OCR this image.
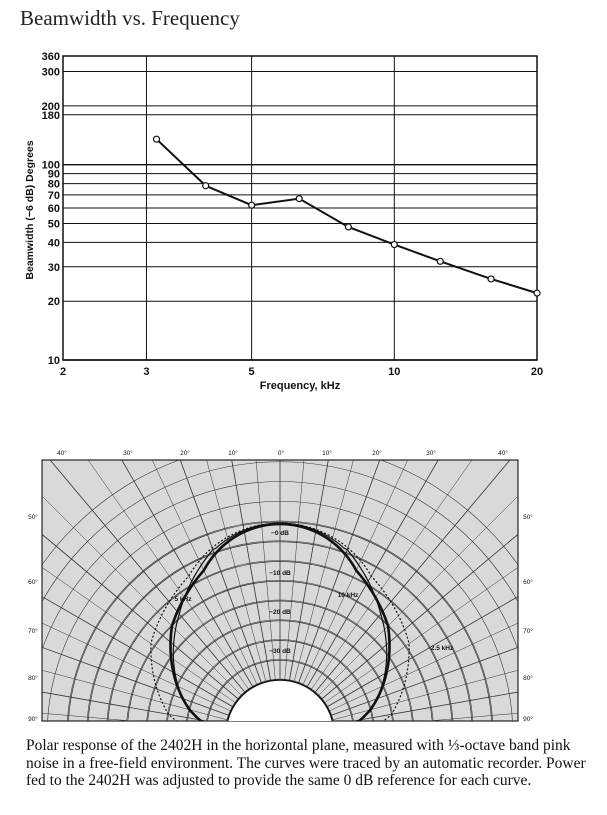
Beamwidth vs. Frequency
10
20
30
40
50
60
70
80
90
100
180
200
300
360
2	3	5	10	20
Frequency, kHz
Beamwidth (−6 dB) Degrees
40°	30°	20°	10°	0°	10°	20°	30°	40°
50°	50°
60°	60°
70°	70°
80°	80°
90°	90°
−0 dB
−10 dB
−20 dB
−30 dB
5 kHz
10 kHz
2.5 kHz
Polar response of the 2402H in the horizontal plane, measured with ⅓-octave band pink noise in a free-field environment. The curves were traced by an automatic recorder. Power fed to the 2402H was adjusted to provide the same 0 dB reference for each curve.
